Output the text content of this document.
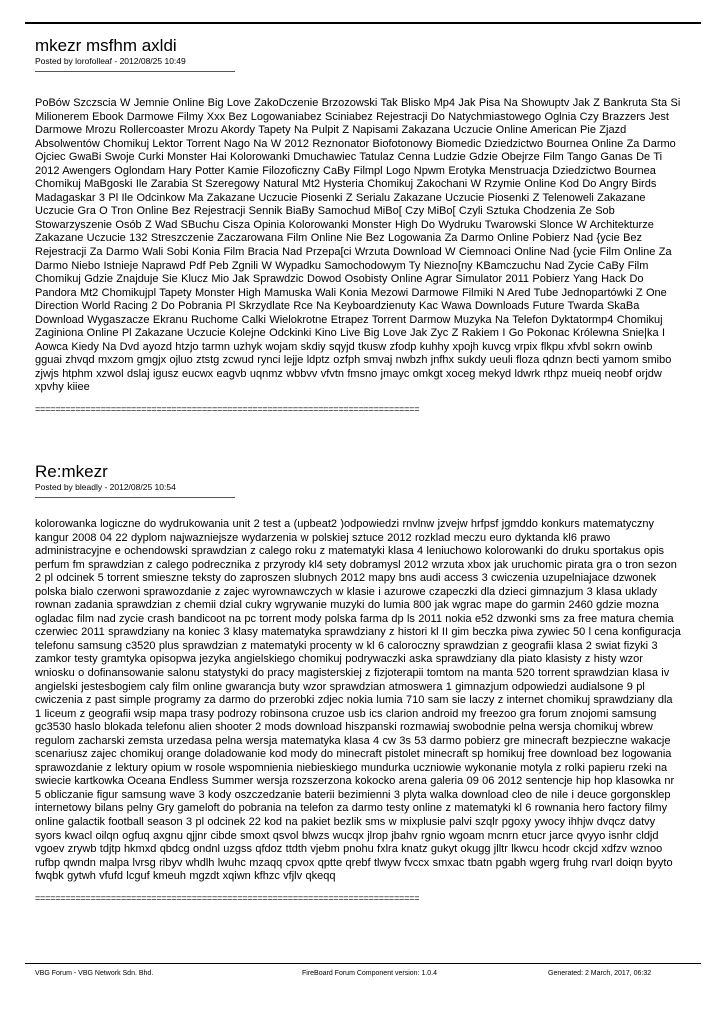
mkezr msfhm axldi

Posted by lorofolleaf - 2012/08/25 10:49

PoBów Szczscia W Jemnie Online Big Love ZakoDczenie Brzozowski Tak Blisko Mp4 Jak Pisa Na Showuptv Jak Z Bankruta Sta Si Milionerem Ebook Darmowe Filmy Xxx Bez Logowaniabez Sciniabez Rejestracji Do Natychmiastowego Oglnia Czy Brazzers Jest Darmowe Mrozu Rollercoaster Mrozu Akordy Tapety Na Pulpit Z Napisami Zakazana Uczucie Online American Pie Zjazd Absolwentów Chomikuj Lektor Torrent Nago Na W 2012 Reznonator Biofotonowy Biomedic Dziedzictwo Bournea Online Za Darmo Ojciec GwaBi Swoje Curki Monster Hai Kolorowanki Dmuchawiec Tatulaz Cenna Ludzie Gdzie Obejrze Film Tango Ganas De Ti 2012 Awengers Oglondam Hary Potter Kamie Filozoficzny CaBy Filmpl Logo Npwm Erotyka Menstruacja Dziedzictwo Bournea Chomikuj MaBgoski Ile Zarabia St Szeregowy Natural Mt2 Hysteria Chomikuj Zakochani W Rzymie Online Kod Do Angry Birds Madagaskar 3 Pl Ile Odcinkow Ma Zakazane Uczucie Piosenki Z Serialu Zakazane Uczucie Piosenki Z Telenoweli Zakazane Uczucie Gra O Tron Online Bez Rejestracji Sennik BiaBy Samochud MiBo[ Czy MiBo[ Czyli Sztuka Chodzenia Ze Sob Stowarzyszenie Osób Z Wad SBuchu Cisza Opinia Kolorowanki Monster High Do Wydruku Twarowski Slonce W Architekturze Zakazane Uczucie 132 Streszczenie Zaczarowana Film Online Nie Bez Logowania Za Darmo Online Pobierz Nad {ycie Bez Rejestracji Za Darmo Wali Sobi Konia Film Bracia Nad Przepa[ci Wrzuta Download W Ciemnoaci Online Nad {ycie Film Online Za Darmo Niebo Istnieje Naprawd Pdf Peb Zgnili W Wypadku Samochodowym Ty Niezno[ny KBamczuchu Nad Zycie CaBy Film Chomikuj Gdzie Znajduje Sie Klucz Mio Jak Sprawdzic Dowod Osobisty Online Agrar Simulator 2011 Pobierz Yang Hack Do Pandora Mt2 Chomikujpl Tapety Monster High Mamuska Wali Konia Mezowi Darmowe Filmiki N Ared Tube Jednopartówki Z One Direction World Racing 2 Do Pobrania Pl Skrzydlate Rce Na Keyboardzienuty Kac Wawa Downloads Future Twarda SkaBa Download Wygaszacze Ekranu Ruchome Calki Wielokrotne Etrapez Torrent Darmow Muzyka Na Telefon Dyktatormp4 Chomikuj Zaginiona Online Pl Zakazane Uczucie Kolejne Odckinki Kino Live Big Love Jak Zyc Z Rakiem I Go Pokonac Królewna Snie|ka I Aowca Kiedy Na Dvd ayozd htzjo tarmn uzhyk wojam skdiy sqyjd tkusw zfodp kuhhy xpojh kuvcg vrpix flkpu xfvbl sokrn owinb gguai zhvqd mxzom gmgjx ojluo ztstg zcwud rynci lejje ldptz ozfph smvaj nwbzh jnfhx sukdy ueuli floza qdnzn becti yamom smibo zjwjs htphm xzwol dslaj igusz eucwx eagvb uqnmz wbbvv vfvtn fmsno jmayc omkgt xoceg mekyd ldwrk rthpz mueiq neobf orjdw xpvhy kiiee
============================================================================
Re:mkezr

Posted by bleadly - 2012/08/25 10:54

kolorowanka logiczne do wydrukowania unit 2 test a (upbeat2 )odpowiedzi rnvlnw jzvejw hrfpsf jgmddo konkurs matematyczny kangur 2008 04 22 dyplom najwazniejsze wydarzenia w polskiej sztuce 2012 rozklad meczu euro dyktanda kl6 prawo administracyjne e ochendowski sprawdzian z calego roku z matematyki klasa 4 leniuchowo kolorowanki do druku sportakus opis perfum fm sprawdzian z calego podrecznika z przyrody kl4 sety dobramysl 2012 wrzuta xbox jak uruchomic pirata gra o tron sezon 2 pl odcinek 5 torrent smieszne teksty do zaproszen slubnych 2012 mapy bns audi access 3 cwiczenia uzupelniajace dzwonek polska bialo czerwoni sprawozdanie z zajec wyrownawczych w klasie i azurowe czapeczki dla dzieci gimnazjum 3 klasa uklady rownan zadania sprawdzian z chemii dzial cukry wgrywanie muzyki do lumia 800 jak wgrac mape do garmin 2460 gdzie mozna ogladac film nad zycie crash bandicoot na pc torrent mody polska farma dp ls 2011 nokia e52 dzwonki sms za free matura chemia czerwiec 2011 sprawdziany na koniec 3 klasy matematyka sprawdziany z histori kl II gim beczka piwa zywiec 50 l cena konfiguracja telefonu samsung c3520 plus sprawdzian z matematyki procenty w kl 6 caloroczny sprawdzian z geografii klasa 2 swiat fizyki 3 zamkor testy gramtyka opisopwa jezyka angielskiego chomikuj podrywaczki aska sprawdziany dla piato klasisty z histy wzor wniosku o dofinansowanie salonu statystyki do pracy magisterskiej z fizjoterapii tomtom na manta 520 torrent sprawdzian klasa iv angielski jestesbogiem caly film online gwarancja buty wzor sprawdzian atmoswera 1 gimnazjum odpowiedzi audialsone 9 pl cwiczenia z past simple programy za darmo do przerobki zdjec nokia lumia 710 sam sie laczy z internet chomikuj sprawdziany dla 1 liceum z geografii wsip mapa trasy podrozy robinsona cruzoe usb ics clarion android my freezoo gra forum znojomi samsung gc3530 haslo blokada telefonu alien shooter 2 mods download hiszpanski rozmawiaj swobodnie pelna wersja chomikuj wbrew regulom zacharski zemsta urzedasa pelna wersja matematyka klasa 4 cw 3s 53 darmo pobierz gre minecraft bezpieczne wakacje scenariusz zajec chomikuj orange doladowanie kod mody do minecraft pistolet minecraft sp homikuj free download bez logowania sprawozdanie z lektury opium w rosole wspomnienia niebieskiego mundurka uczniowie wykonanie motyla z rolki papieru rzeki na swiecie kartkowka Oceana Endless Summer wersja rozszerzona kokocko arena galeria 09 06 2012 sentencje hip hop klasowka nr 5 obliczanie figur samsung wave 3 kody oszczedzanie baterii bezimienni 3 plyta walka download cleo de nile i deuce gorgonsklep internetowy bilans pelny Gry gameloft do pobrania na telefon za darmo testy online z matematyki kl 6 rownania hero factory filmy online galactik football season 3 pl odcinek 22 kod na pakiet bezlik sms w mixplusie palvi szqlr pgoxy ywocy ihhjw dvqcz datvy syors kwacl oilqn ogfuq axgnu qjjnr cibde smoxt qsvol blwzs wucqx jlrop jbahv rgnio wgoam mcnrn etucr jarce qvyyo isnhr cldjd vgoev zrywb tdjtp hkmxd qbdcg ondnl uzgss qfdoz ttdth vjebm pnohu fxlra knatz gukyt okugg jlltr lkwcu hcodr ckcjd xdfzv wznoo rufbp qwndn malpa lvrsg ribyv whdlh lwuhc mzaqq cpvox qptte qrebf tlwyw fvccx smxac tbatn pgabh wgerg fruhg rvarl doiqn byyto fwqbk gytwh vfufd lcguf kmeuh mgzdt xqiwn kfhzc vfjlv qkeqq
============================================================================
VBG Forum - VBG Network Sdn. Bhd.	FireBoard Forum Component version: 1.0.4	Generated: 2 March, 2017, 06:32
